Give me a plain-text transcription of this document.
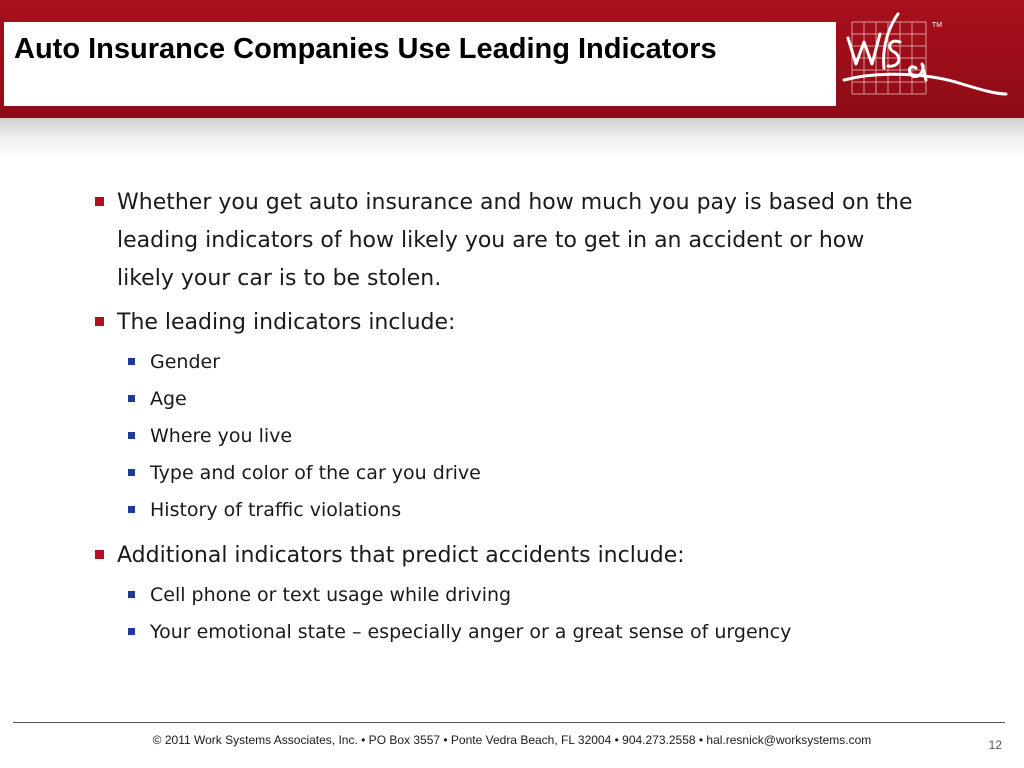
Auto Insurance Companies Use Leading Indicators
TM
Whether you get auto insurance and how much you pay is based on the leading indicators of how likely you are to get in an accident or how likely your car is to be stolen.
The leading indicators include:
Gender
Age
Where you live
Type and color of the car you drive
History of traffic violations
Additional indicators that predict accidents include:
Cell phone or text usage while driving
Your emotional state – especially anger or a great sense of urgency
© 2011 Work Systems Associates, Inc. • PO Box 3557 • Ponte Vedra Beach, FL 32004 • 904.273.2558 • hal.resnick@worksystems.com	12
